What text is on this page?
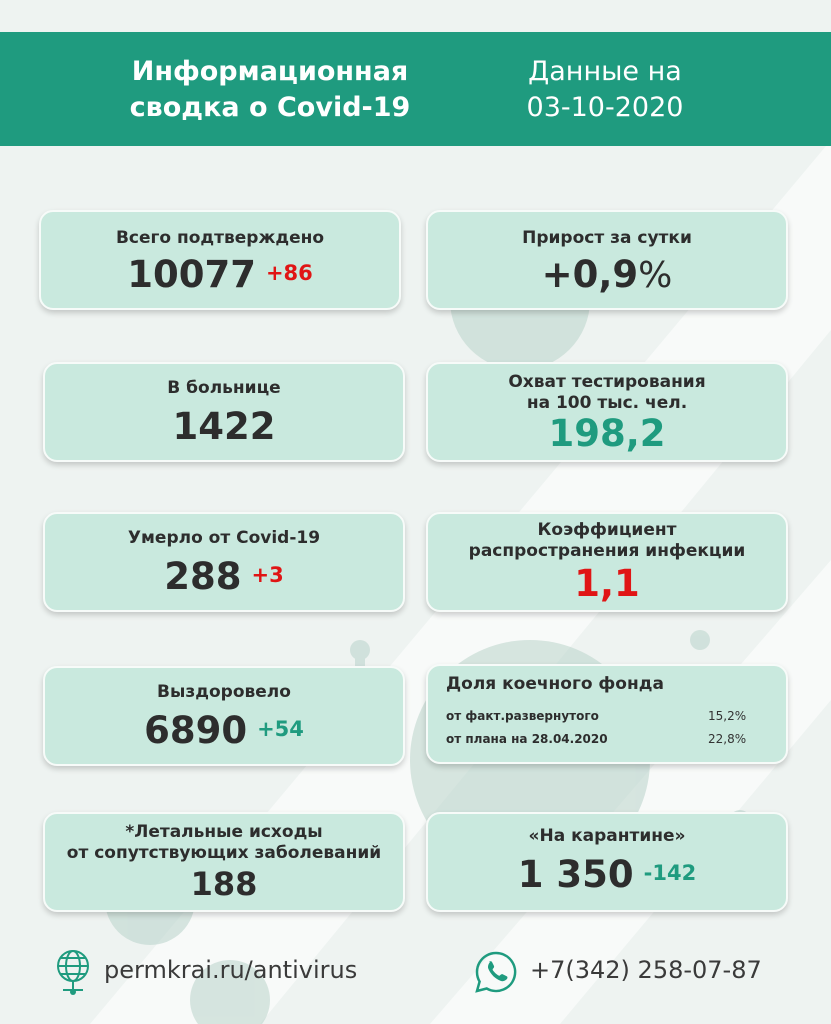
Информационная
сводка о Covid-19
Данные на
03-10-2020
Всего подтверждено
10077 $^{+86}$
Прирост за сутки
+0,9%
В больнице
1422
Охват тестирования
на 100 тыс. чел.
198,2
Умерло от Covid-19
288 $^{+3}$
Коэффициент
распространения инфекции
1,1
Выздоровело
6890 $^{+54}$
Доля коечного фонда
от факт.развернутого	15,2%
от плана на 28.04.2020	22,8%
*Летальные исходы
от сопутствующих заболеваний
188
«На карантине»
1 350 $^{-142}$
permkrai.ru/antivirus	+7(342) 258-07-87
